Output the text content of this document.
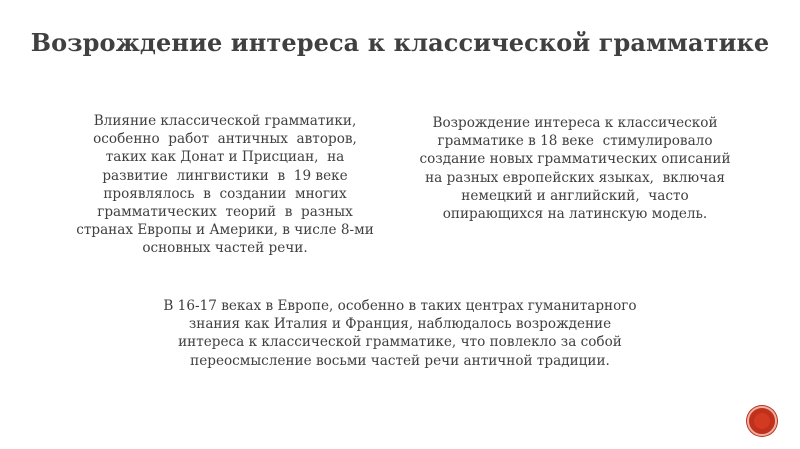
Возрождение интереса к классической грамматике
Влияние классической грамматики,
особенно  работ  античных  авторов,
таких как Донат и Присциан,  на
развитие  лингвистики  в  19 веке
проявлялось  в  создании  многих
грамматических  теорий  в  разных
странах Европы и Америки, в числе 8-ми
основных частей речи.
Возрождение интереса к классической
грамматике в 18 веке  стимулировало
создание новых грамматических описаний
на разных европейских языках,  включая
немецкий и английский,  часто
опирающихся на латинскую модель.
В 16-17 веках в Европе, особенно в таких центрах гуманитарного
знания как Италия и Франция, наблюдалось возрождение
интереса к классической грамматике, что повлекло за собой
переосмысление восьми частей речи античной традиции.
